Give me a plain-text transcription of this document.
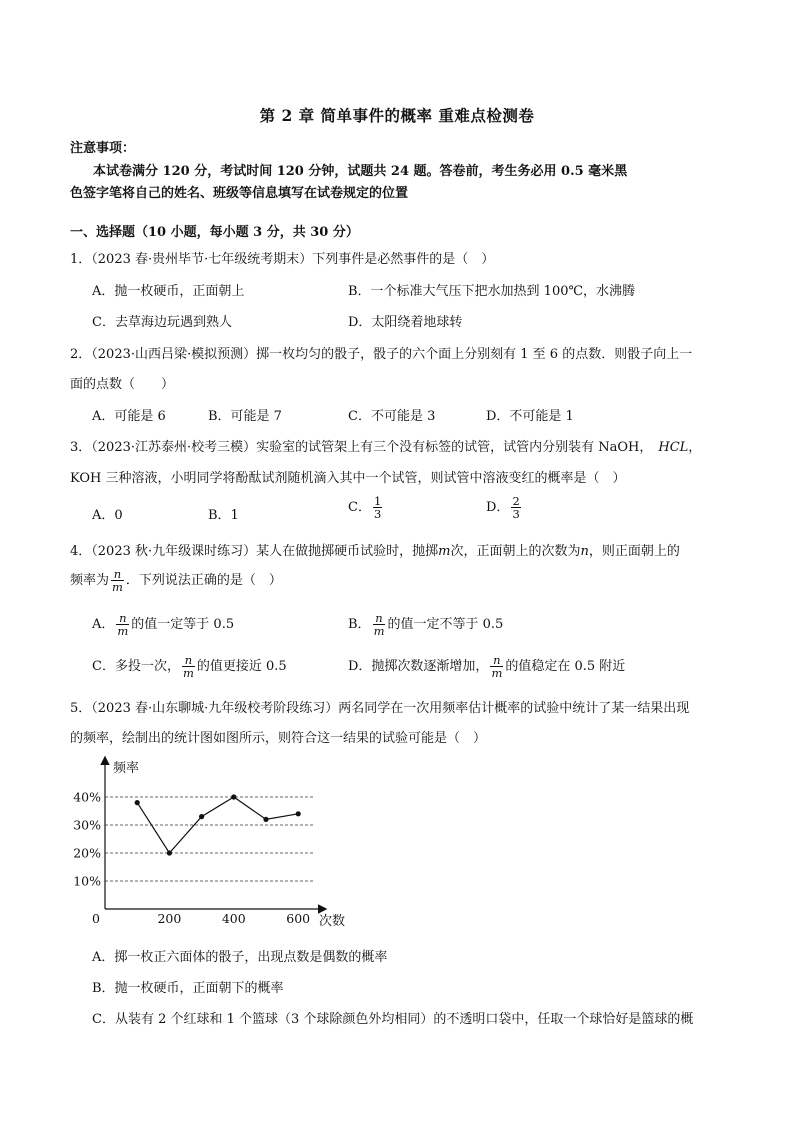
第 2 章 简单事件的概率 重难点检测卷
注意事项：
本试卷满分 120 分，考试时间 120 分钟，试题共 24 题。答卷前，考生务必用 0.5 毫米黑
色签字笔将自己的姓名、班级等信息填写在试卷规定的位置
一、选择题（10 小题，每小题 3 分，共 30 分）
1．（2023 春·贵州毕节·七年级统考期末）下列事件是必然事件的是（　）
A．抛一枚硬币，正面朝上	B．一个标准大气压下把水加热到 100℃，水沸腾
C．去草海边玩遇到熟人	D．太阳绕着地球转
2．（2023·山西吕梁·模拟预测）掷一枚均匀的骰子，骰子的六个面上分别刻有 1 至 6 的点数．则骰子向上一
面的点数（　　）
A．可能是 6	B．可能是 7	C．不可能是 3	D．不可能是 1
3．（2023·江苏泰州·校考三模）实验室的试管架上有三个没有标签的试管，试管内分别装有 NaOH， HCL，
KOH 三种溶液，小明同学将酚酞试剂随机滴入其中一个试管，则试管中溶液变红的概率是（　）
A．0	B．1
C． $\frac{1}{3}$	D． $\frac{2}{3}$
4．（2023 秋·九年级课时练习）某人在做抛掷硬币试验时，抛掷m次，正面朝上的次数为n，则正面朝上的
频率为 $\frac{n}{m}$ ．下列说法正确的是（　）
A． $\frac{n}{m}$ 的值一定等于 0.5	B． $\frac{n}{m}$ 的值一定不等于 0.5
C．多投一次， $\frac{n}{m}$ 的值更接近 0.5	D．抛掷次数逐渐增加， $\frac{n}{m}$ 的值稳定在 0.5 附近
5．（2023 春·山东聊城·九年级校考阶段练习）两名同学在一次用频率估计概率的试验中统计了某一结果出现
的频率，绘制出的统计图如图所示，则符合这一结果的试验可能是（　）
频率
次数
0
10%
20%
30%
40%
200	400	600
A．掷一枚正六面体的骰子，出现点数是偶数的概率
B．抛一枚硬币，正面朝下的概率
C．从装有 2 个红球和 1 个篮球（3 个球除颜色外均相同）的不透明口袋中，任取一个球恰好是篮球的概
